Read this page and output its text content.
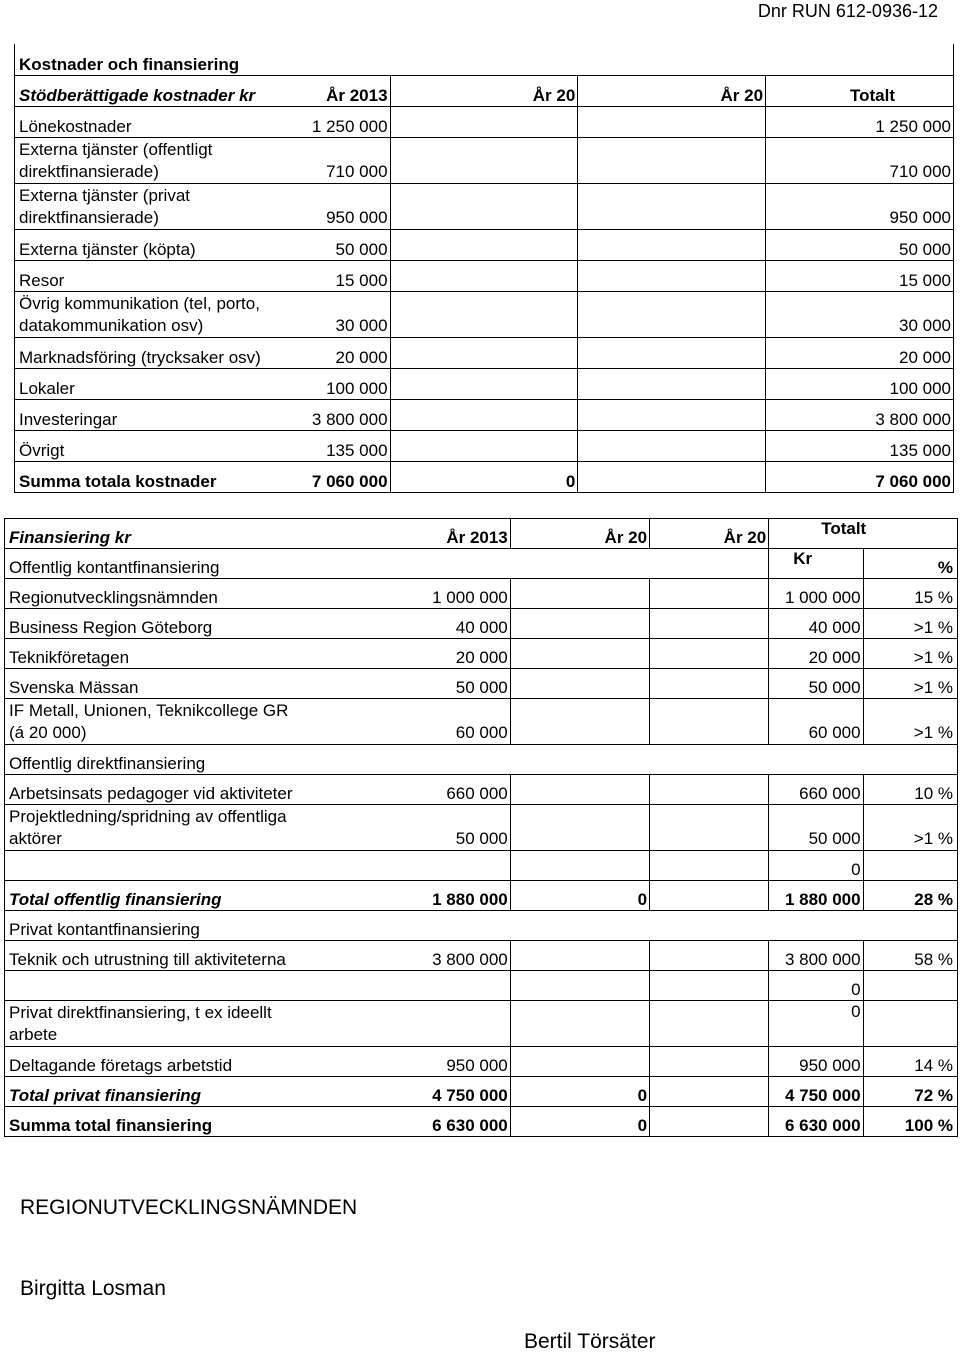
Dnr RUN 612-0936-12
Kostnader och finansiering				
Stödberättigade kostnader kr	År 2013	År 20	År 20	Totalt
Lönekostnader	1 250 000			1 250 000
Externa tjänster (offentligt
direktfinansierade)	710 000			710 000
Externa tjänster (privat
direktfinansierade)	950 000			950 000
Externa tjänster (köpta)	50 000			50 000
Resor	15 000			15 000
Övrig kommunikation (tel, porto,
datakommunikation osv)	30 000			30 000
Marknadsföring (trycksaker osv)	20 000			20 000
Lokaler	100 000			100 000
Investeringar	3 800 000			3 800 000
Övrigt	135 000			135 000
Summa totala kostnader	7 060 000	0		7 060 000
Finansiering kr	År 2013	År 20	År 20	Totalt	
Offentlig kontantfinansiering				Kr	%
Regionutvecklingsnämnden	1 000 000			1 000 000	15 %
Business Region Göteborg	40 000			40 000	>1 %
Teknikföretagen	20 000			20 000	>1 %
Svenska Mässan	50 000			50 000	>1 %
IF Metall, Unionen, Teknikcollege GR
(á 20 000)	60 000			60 000	>1 %
Offentlig direktfinansiering					
Arbetsinsats pedagoger vid aktiviteter	660 000			660 000	10 %
Projektledning/spridning av offentliga
aktörer	50 000			50 000	>1 %
				0	
Total offentlig finansiering	1 880 000	0		1 880 000	28 %
Privat kontantfinansiering					
Teknik och utrustning till aktiviteterna	3 800 000			3 800 000	58 %
				0	
Privat direktfinansiering, t ex ideellt
arbete				0	
Deltagande företags arbetstid	950 000			950 000	14 %
Total privat finansiering	4 750 000	0		4 750 000	72 %
Summa total finansiering	6 630 000	0		6 630 000	100 %
REGIONUTVECKLINGSNÄMNDEN
Birgitta Losman
Bertil Törsäter
